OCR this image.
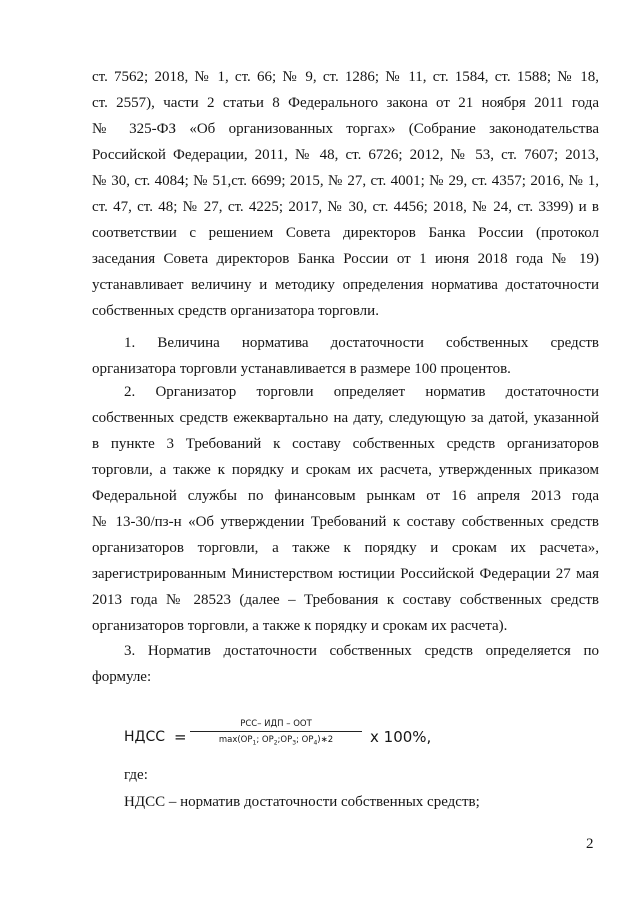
ст. 7562; 2018, № 1, ст. 66; № 9, ст. 1286; № 11, ст. 1584, ст. 1588; № 18,
ст. 2557), части 2 статьи 8 Федерального закона от 21 ноября 2011 года
№ 325-ФЗ «Об организованных торгах» (Собрание законодательства
Российской Федерации, 2011, № 48, ст. 6726; 2012, № 53, ст. 7607; 2013,
№ 30, ст. 4084; № 51,ст. 6699; 2015, № 27, ст. 4001; № 29, ст. 4357; 2016, № 1,
ст. 47, ст. 48; № 27, ст. 4225; 2017, № 30, ст. 4456; 2018, № 24, ст. 3399) и в
соответствии с решением Совета директоров Банка России (протокол
заседания Совета директоров Банка России от 1 июня 2018 года № 19)
устанавливает величину и методику определения норматива достаточности
собственных средств организатора торговли.
1. Величина норматива достаточности собственных средств
организатора торговли устанавливается в размере 100 процентов.
2. Организатор торговли определяет норматив достаточности
собственных средств ежеквартально на дату, следующую за датой, указанной
в пункте 3 Требований к составу собственных средств организаторов
торговли, а также к порядку и срокам их расчета, утвержденных приказом
Федеральной службы по финансовым рынкам от 16 апреля 2013 года
№ 13-30/пз-н «Об утверждении Требований к составу собственных средств
организаторов торговли, а также к порядку и срокам их расчета»,
зарегистрированным Министерством юстиции Российской Федерации 27 мая
2013 года № 28523 (далее – Требования к составу собственных средств
организаторов торговли, а также к порядку и срокам их расчета).
3. Норматив достаточности собственных средств определяется по
формуле:
НДСС =
РСС– ИДП – ООТ
$\max(ОР_1$; $ОР_2;ОР_3$; $ОР_4)∗2$	x 100%,
где:
НДСС – норматив достаточности собственных средств;
2
